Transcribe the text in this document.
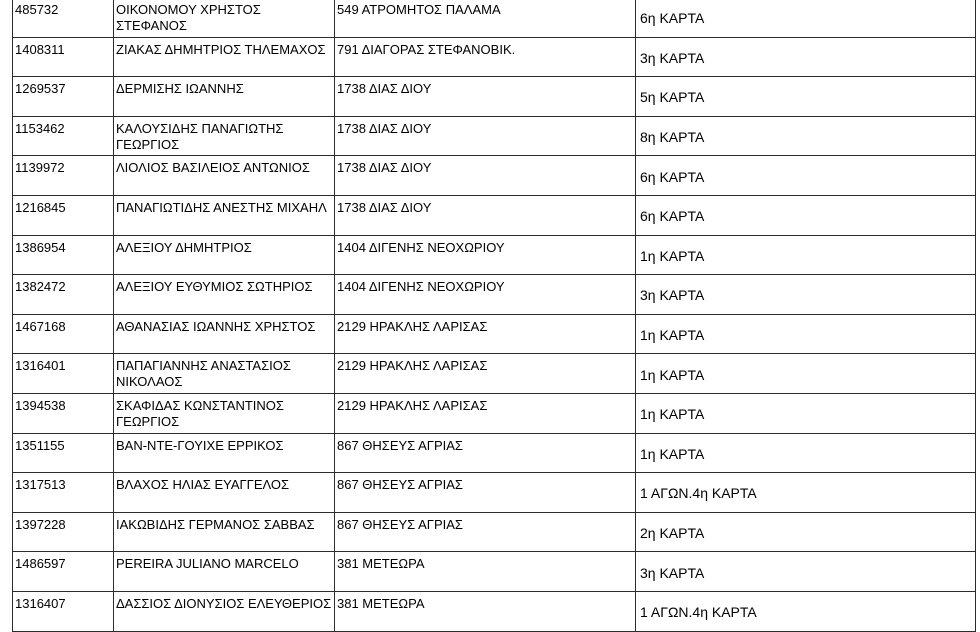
485732	ΟΙΚΟΝΟΜΟΥ ΧΡΗΣΤΟΣ ΣΤΕΦΑΝΟΣ	549 ΑΤΡΟΜΗΤΟΣ ΠΑΛΑΜΑ	6η ΚΑΡΤΑ

1408311	ΖΙΑΚΑΣ ΔΗΜΗΤΡΙΟΣ ΤΗΛΕΜΑΧΟΣ	791 ΔΙΑΓΟΡΑΣ ΣΤΕΦΑΝΟΒΙΚ.	3η ΚΑΡΤΑ

1269537	ΔΕΡΜΙΣΗΣ ΙΩΑΝΝΗΣ	1738 ΔΙΑΣ ΔΙΟΥ	5η ΚΑΡΤΑ

1153462	ΚΑΛΟΥΣΙΔΗΣ ΠΑΝΑΓΙΩΤΗΣ ΓΕΩΡΓΙΟΣ	1738 ΔΙΑΣ ΔΙΟΥ	8η ΚΑΡΤΑ

1139972	ΛΙΟΛΙΟΣ ΒΑΣΙΛΕΙΟΣ ΑΝΤΩΝΙΟΣ	1738 ΔΙΑΣ ΔΙΟΥ	6η ΚΑΡΤΑ

1216845	ΠΑΝΑΓΙΩΤΙΔΗΣ ΑΝΕΣΤΗΣ ΜΙΧΑΗΛ	1738 ΔΙΑΣ ΔΙΟΥ	6η ΚΑΡΤΑ

1386954	ΑΛΕΞΙΟΥ ΔΗΜΗΤΡΙΟΣ	1404 ΔΙΓΕΝΗΣ ΝΕΟΧΩΡΙΟΥ	1η ΚΑΡΤΑ

1382472	ΑΛΕΞΙΟΥ ΕΥΘΥΜΙΟΣ ΣΩΤΗΡΙΟΣ	1404 ΔΙΓΕΝΗΣ ΝΕΟΧΩΡΙΟΥ	3η ΚΑΡΤΑ

1467168	ΑΘΑΝΑΣΙΑΣ ΙΩΑΝΝΗΣ ΧΡΗΣΤΟΣ	2129 ΗΡΑΚΛΗΣ ΛΑΡΙΣΑΣ	1η ΚΑΡΤΑ

1316401	ΠΑΠΑΓΙΑΝΝΗΣ ΑΝΑΣΤΑΣΙΟΣ ΝΙΚΟΛΑΟΣ	2129 ΗΡΑΚΛΗΣ ΛΑΡΙΣΑΣ	1η ΚΑΡΤΑ

1394538	ΣΚΑΦΙΔΑΣ ΚΩΝΣΤΑΝΤΙΝΟΣ ΓΕΩΡΓΙΟΣ	2129 ΗΡΑΚΛΗΣ ΛΑΡΙΣΑΣ	1η ΚΑΡΤΑ

1351155	ΒΑΝ-ΝΤΕ-ΓΟΥΙΧΕ ΕΡΡΙΚΟΣ	867 ΘΗΣΕΥΣ ΑΓΡΙΑΣ	1η ΚΑΡΤΑ

1317513	ΒΛΑΧΟΣ ΗΛΙΑΣ ΕΥΑΓΓΕΛΟΣ	867 ΘΗΣΕΥΣ ΑΓΡΙΑΣ	1 ΑΓΩΝ.4η ΚΑΡΤΑ

1397228	ΙΑΚΩΒΙΔΗΣ ΓΕΡΜΑΝΟΣ ΣΑΒΒΑΣ	867 ΘΗΣΕΥΣ ΑΓΡΙΑΣ	2η ΚΑΡΤΑ

1486597	PEREIRA JULIANO MARCELO	381 ΜΕΤΕΩΡΑ	3η ΚΑΡΤΑ

1316407	ΔΑΣΣΙΟΣ ΔΙΟΝΥΣΙΟΣ ΕΛΕΥΘΕΡΙΟΣ	381 ΜΕΤΕΩΡΑ	1 ΑΓΩΝ.4η ΚΑΡΤΑ
